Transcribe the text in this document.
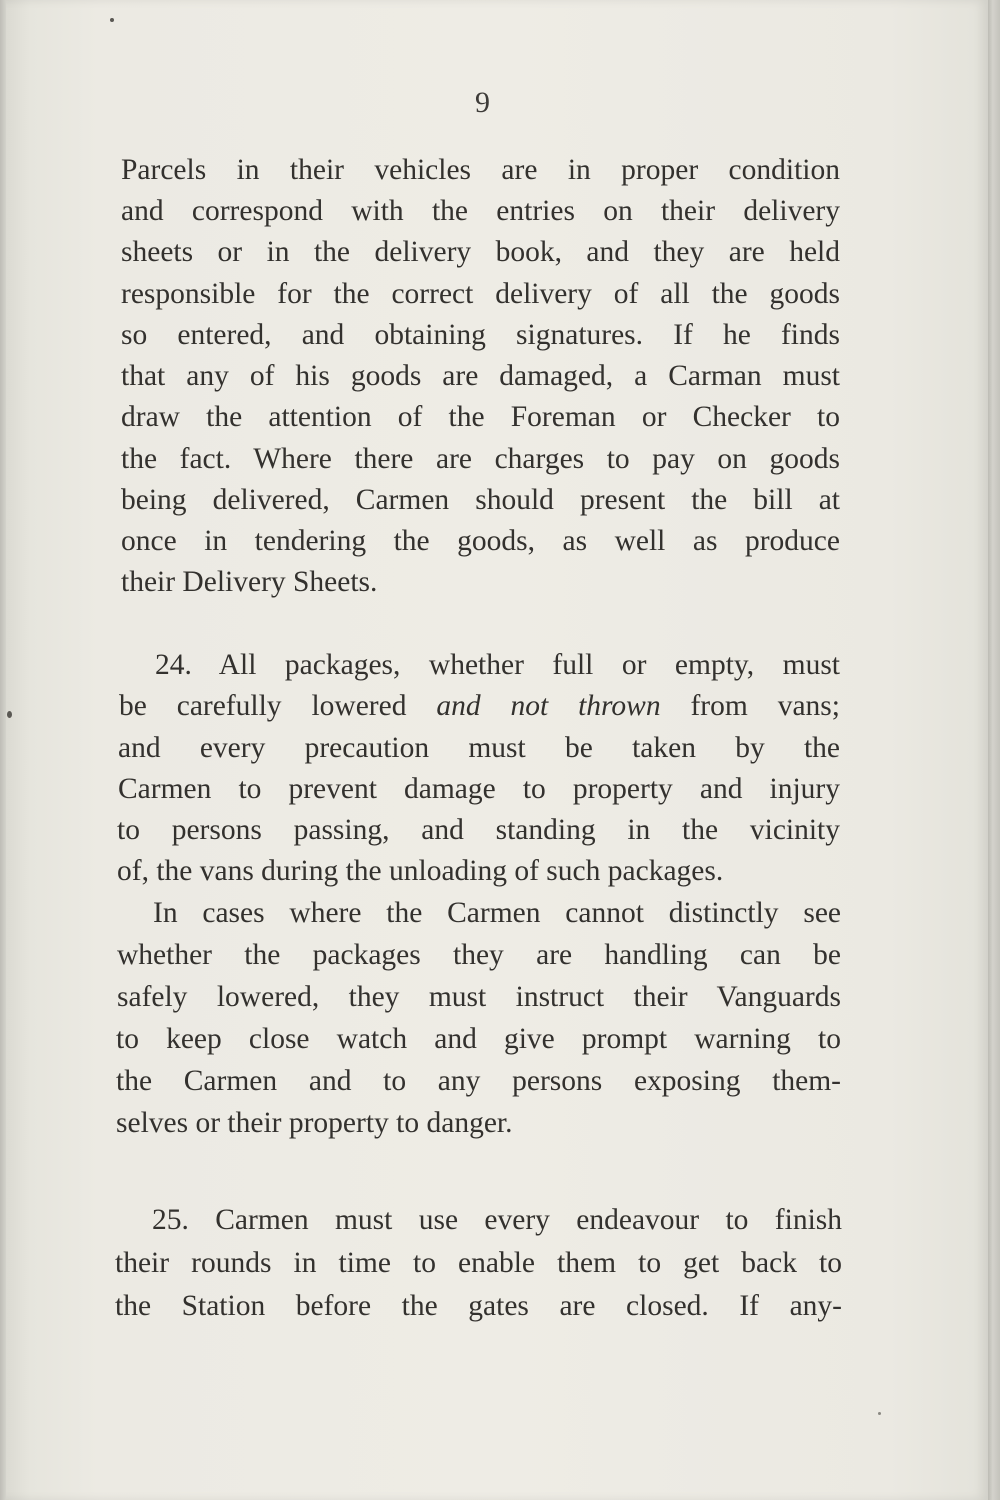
9
Parcels in their vehicles are in proper condition
and correspond with the entries on their delivery
sheets or in the delivery book, and they are held
responsible for the correct delivery of all the goods
so entered, and obtaining signatures. If he finds
that any of his goods are damaged, a Carman must
draw the attention of the Foreman or Checker to
the fact. Where there are charges to pay on goods
being delivered, Carmen should present the bill at
once in tendering the goods, as well as produce
their Delivery Sheets.
24. All packages, whether full or empty, must
be carefully lowered and not thrown from vans;
and every precaution must be taken by the
Carmen to prevent damage to property and injury
to persons passing, and standing in the vicinity
of, the vans during the unloading of such packages.
In cases where the Carmen cannot distinctly see
whether the packages they are handling can be
safely lowered, they must instruct their Vanguards
to keep close watch and give prompt warning to
the Carmen and to any persons exposing them-
selves or their property to danger.
25. Carmen must use every endeavour to finish
their rounds in time to enable them to get back to
the Station before the gates are closed. If any-
